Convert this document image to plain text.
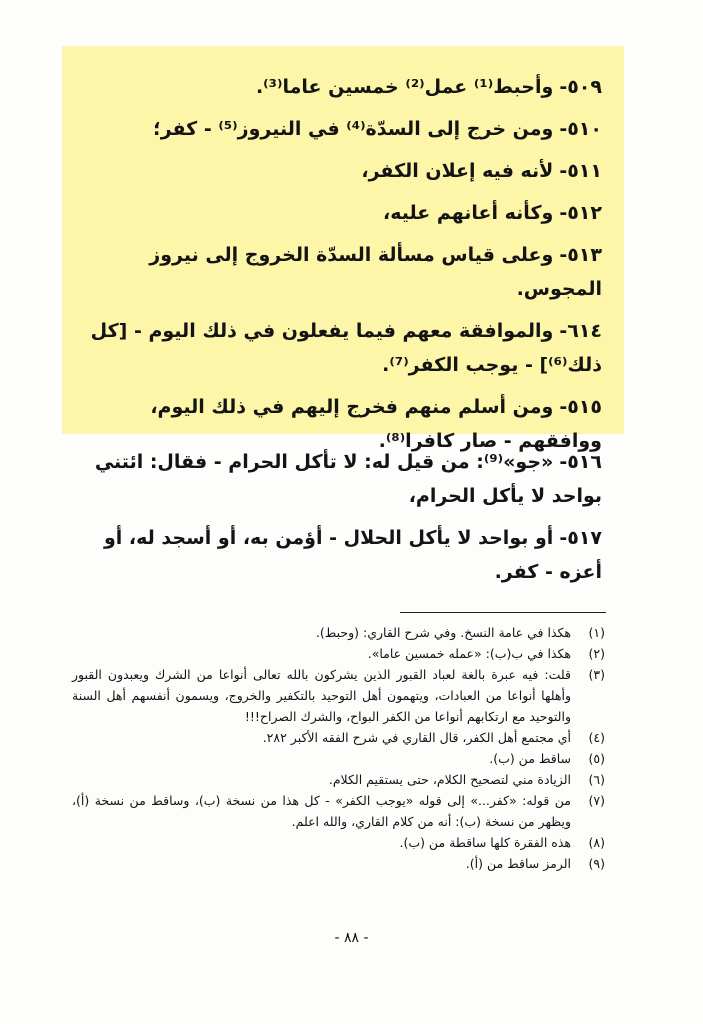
٥٠٩-وأحبط⁽¹⁾ عمل⁽²⁾ خمسين عاما⁽³⁾.

٥١٠-ومن خرج إلى السدّة⁽⁴⁾ في النيروز⁽⁵⁾ - كفر؛

٥١١-لأنه فيه إعلان الكفر،

٥١٢-وكأنه أعانهم عليه،

٥١٣-وعلى قياس مسألة السدّة الخروج إلى نيروز المجوس.

٦١٤-والموافقة معهم فيما يفعلون في ذلك اليوم - [كل ذلك⁽⁶⁾] - يوجب الكفر⁽⁷⁾.

٥١٥-ومن أسلم منهم فخرج إليهم في ذلك اليوم، ووافقهم - صار كافرا⁽⁸⁾.

٥١٦-«جو»⁽⁹⁾: من قيل له: لا تأكل الحرام - فقال: ائتني بواحد لا يأكل الحرام،

٥١٧-أو بواحد لا يأكل الحلال - أؤمن به، أو أسجد له، أو أعزه - كفر.

(١)
هكذا في عامة النسخ. وفي شرح القاري: (وحبط).
(٢)
هكذا في ب(ب): «عمله خمسين عاما».
(٣)
قلت: فيه عبرة بالغة لعباد القبور الذين يشركون بالله تعالى أنواعا من الشرك ويعبدون القبور وأهلها أنواعا من العبادات، ويتهمون أهل التوحيد بالتكفير والخروج، ويسمون أنفسهم أهل السنة والتوحيد مع ارتكابهم أنواعا من الكفر البواح، والشرك الصراح!!!
(٤)
أي مجتمع أهل الكفر، قال القاري في شرح الفقه الأكبر ٢٨٢.
(٥)
ساقط من (ب).
(٦)
الزيادة مني لتصحيح الكلام، حتى يستقيم الكلام.
(٧)
من قوله: «كفر...» إلى قوله «يوجب الكفر» - كل هذا من نسخة (ب)، وساقط من نسخة (أ)، ويظهر من نسخة (ب): أنه من كلام القاري، والله اعلم.
(٨)
هذه الفقرة كلها ساقطة من (ب).
(٩)
الرمز ساقط من (أ).
- ٨٨ -
